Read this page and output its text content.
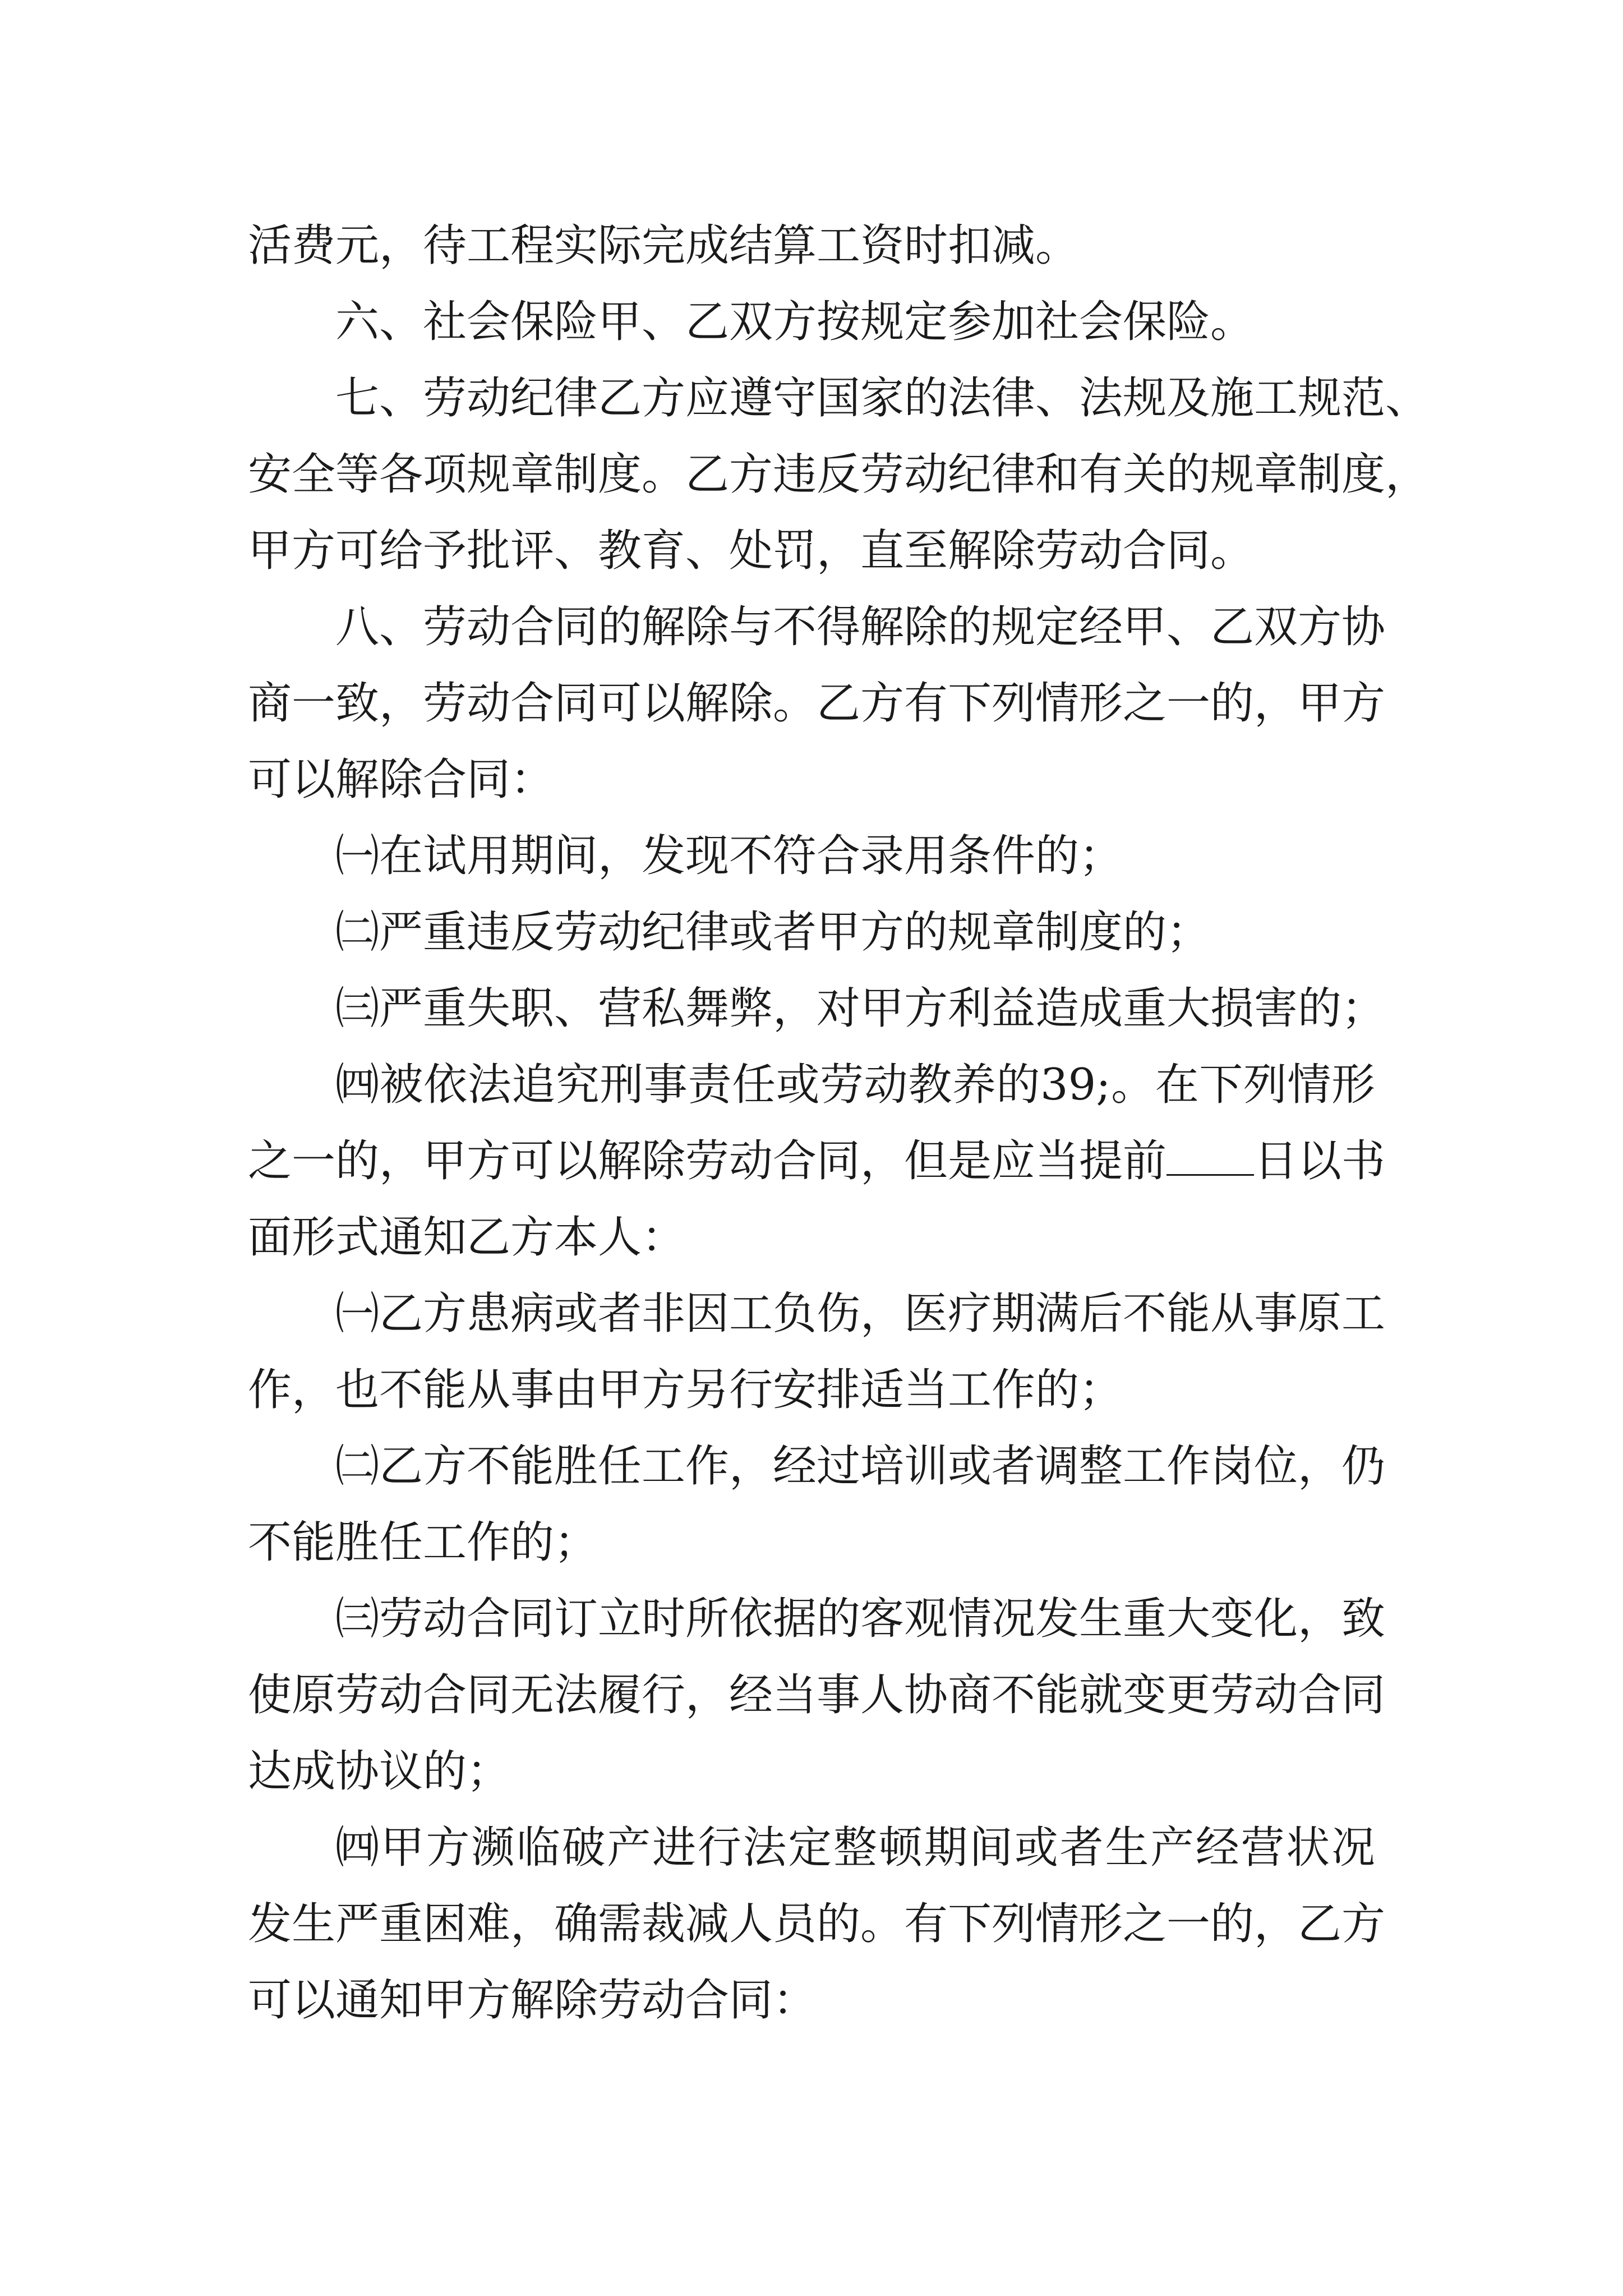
活费元，待工程实际完成结算工资时扣减。
六、社会保险甲、乙双方按规定参加社会保险。
七、劳动纪律乙方应遵守国家的法律、法规及施工规范、
安全等各项规章制度。乙方违反劳动纪律和有关的规章制度，
甲方可给予批评、教育、处罚，直至解除劳动合同。
八、劳动合同的解除与不得解除的规定经甲、乙双方协
商一致，劳动合同可以解除。乙方有下列情形之一的，甲方
可以解除合同：
㈠在试用期间，发现不符合录用条件的；
㈡严重违反劳动纪律或者甲方的规章制度的；
㈢严重失职、营私舞弊，对甲方利益造成重大损害的；
㈣被依法追究刑事责任或劳动教养的39;。在下列情形
之一的，甲方可以解除劳动合同，但是应当提前 日以书
面形式通知乙方本人：
㈠乙方患病或者非因工负伤，医疗期满后不能从事原工
作，也不能从事由甲方另行安排适当工作的；
㈡乙方不能胜任工作，经过培训或者调整工作岗位，仍
不能胜任工作的；
㈢劳动合同订立时所依据的客观情况发生重大变化，致
使原劳动合同无法履行，经当事人协商不能就变更劳动合同
达成协议的；
㈣甲方濒临破产进行法定整顿期间或者生产经营状况
发生严重困难，确需裁减人员的。有下列情形之一的，乙方
可以通知甲方解除劳动合同：
